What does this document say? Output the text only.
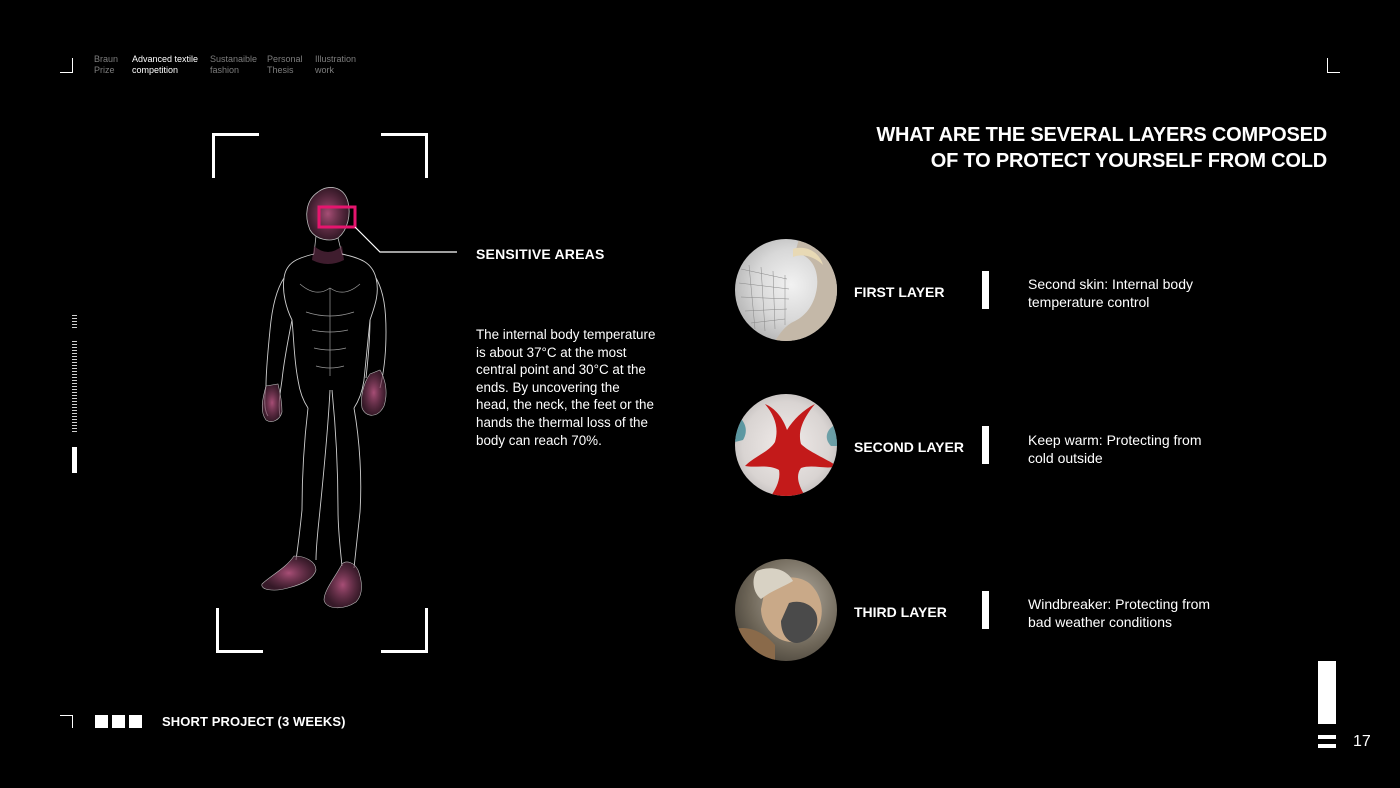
Braun
Prize
Advanced textile
competition
Sustanaible
fashion
Personal
Thesis
Illustration
work
SENSITIVE AREAS
The internal body temperature is about 37°C at the most central point and 30°C at the ends. By uncovering the head, the neck, the feet or the hands the thermal loss of the body can reach 70%.
WHAT ARE THE SEVERAL LAYERS COMPOSED
OF TO PROTECT YOURSELF FROM COLD
FIRST LAYER	Second skin: Internal body temperature control
SECOND LAYER	Keep warm: Protecting from cold outside
THIRD LAYER	Windbreaker: Protecting from bad weather conditions
SHORT PROJECT (3 WEEKS)
17
